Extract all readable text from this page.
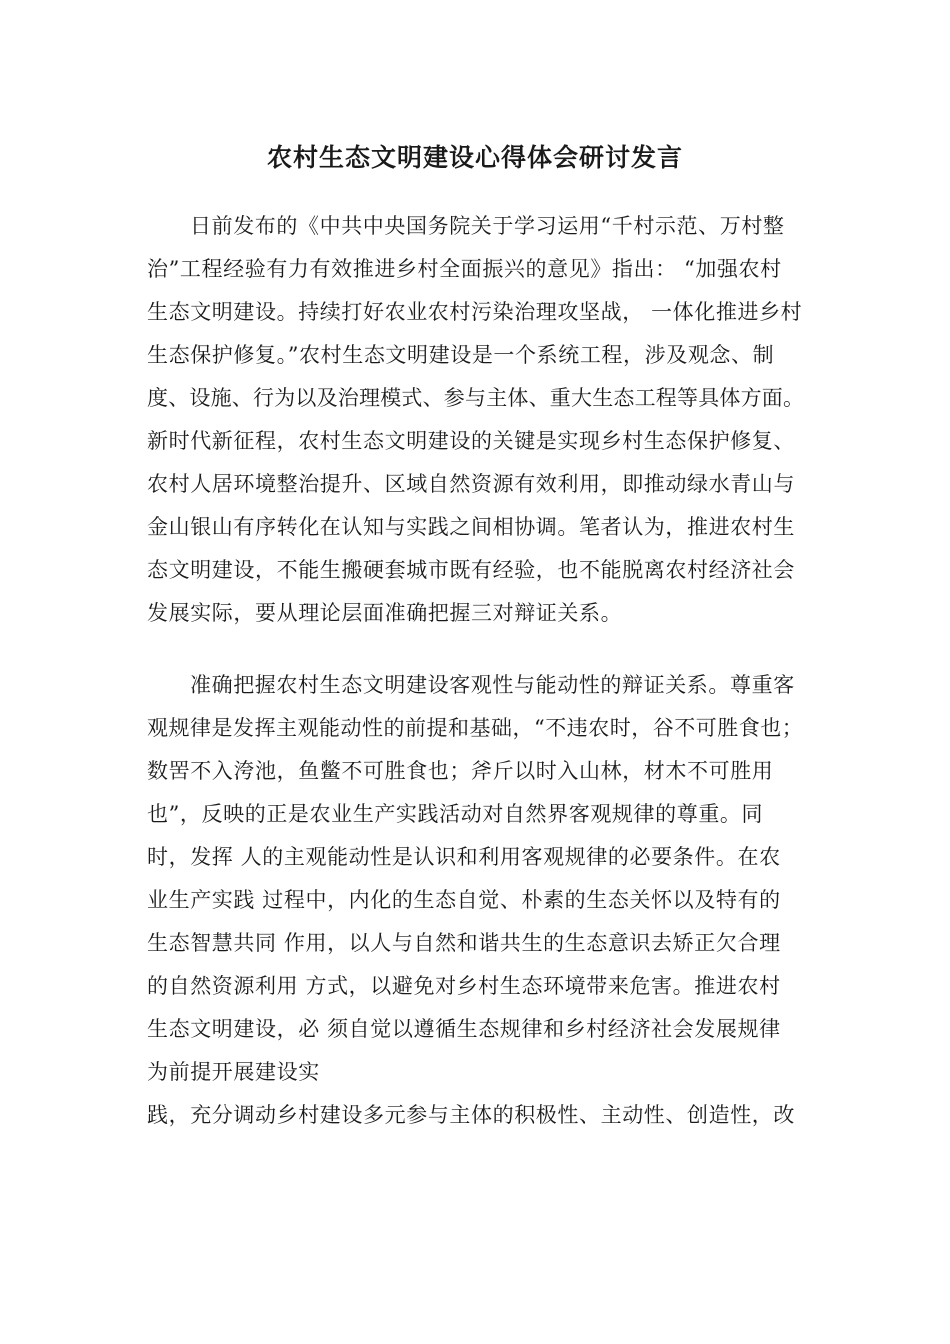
农村生态文明建设心得体会研讨发言
日前发布的《中共中央国务院关于学习运用“千村示范、万村整
治”工程经验有力有效推进乡村全面振兴的意见》指出： “加强农村
生态文明建设。持续打好农业农村污染治理攻坚战， 一体化推进乡村
生态保护修复。”农村生态文明建设是一个系统工程，涉及观念、制
度、设施、行为以及治理模式、参与主体、重大生态工程等具体方面。
新时代新征程，农村生态文明建设的关键是实现乡村生态保护修复、
农村人居环境整治提升、区域自然资源有效利用，即推动绿水青山与
金山银山有序转化在认知与实践之间相协调。笔者认为，推进农村生
态文明建设，不能生搬硬套城市既有经验，也不能脱离农村经济社会
发展实际，要从理论层面准确把握三对辩证关系。
准确把握农村生态文明建设客观性与能动性的辩证关系。尊重客
观规律是发挥主观能动性的前提和基础，“不违农时，谷不可胜食也；
数罟不入洿池，鱼鳖不可胜食也；斧斤以时入山林，材木不可胜用
也”，反映的正是农业生产实践活动对自然界客观规律的尊重。同
时，发挥 人的主观能动性是认识和利用客观规律的必要条件。在农
业生产实践 过程中，内化的生态自觉、朴素的生态关怀以及特有的
生态智慧共同 作用，以人与自然和谐共生的生态意识去矫正欠合理
的自然资源利用 方式，以避免对乡村生态环境带来危害。推进农村
生态文明建设，必 须自觉以遵循生态规律和乡村经济社会发展规律
为前提开展建设实
践，充分调动乡村建设多元参与主体的积极性、主动性、创造性，改
